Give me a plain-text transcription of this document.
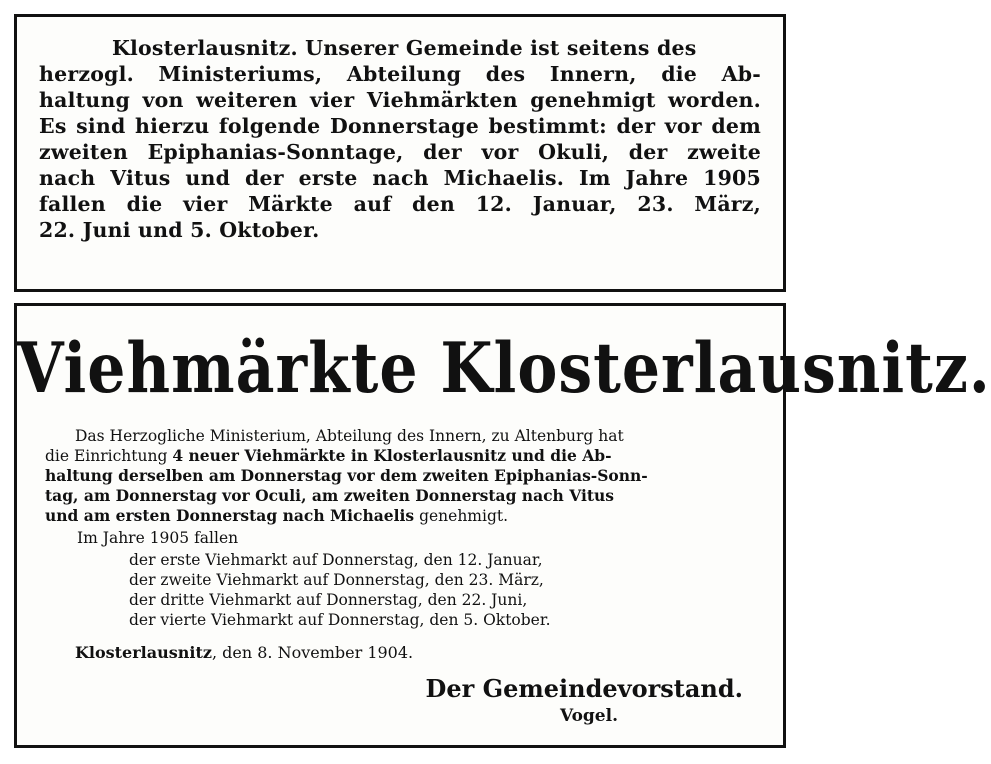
Klosterlausnitz. Unserer Gemeinde ist seitens des
herzogl. Ministeriums, Abteilung des Innern, die Ab-
haltung von weiteren vier Viehmärkten genehmigt worden.
Es sind hierzu folgende Donnerstage bestimmt: der vor dem
zweiten Epiphanias-Sonntage, der vor Okuli, der zweite
nach Vitus und der erste nach Michaelis. Im Jahre 1905
fallen die vier Märkte auf den 12. Januar, 23. März,
22. Juni und 5. Oktober.
Viehmärkte Klosterlausnitz.
Das Herzogliche Ministerium, Abteilung des Innern, zu Altenburg hat
die Einrichtung 4 neuer Viehmärkte in Klosterlausnitz und die Ab-
haltung derselben am Donnerstag vor dem zweiten Epiphanias-Sonn-
tag, am Donnerstag vor Oculi, am zweiten Donnerstag nach Vitus
und am ersten Donnerstag nach Michaelis genehmigt.
Im Jahre 1905 fallen
der erste Viehmarkt auf Donnerstag, den 12. Januar,
der zweite Viehmarkt auf Donnerstag, den 23. März,
der dritte Viehmarkt auf Donnerstag, den 22. Juni,
der vierte Viehmarkt auf Donnerstag, den 5. Oktober.
Klosterlausnitz, den 8. November 1904.
Der Gemeindevorstand.
Vogel.
